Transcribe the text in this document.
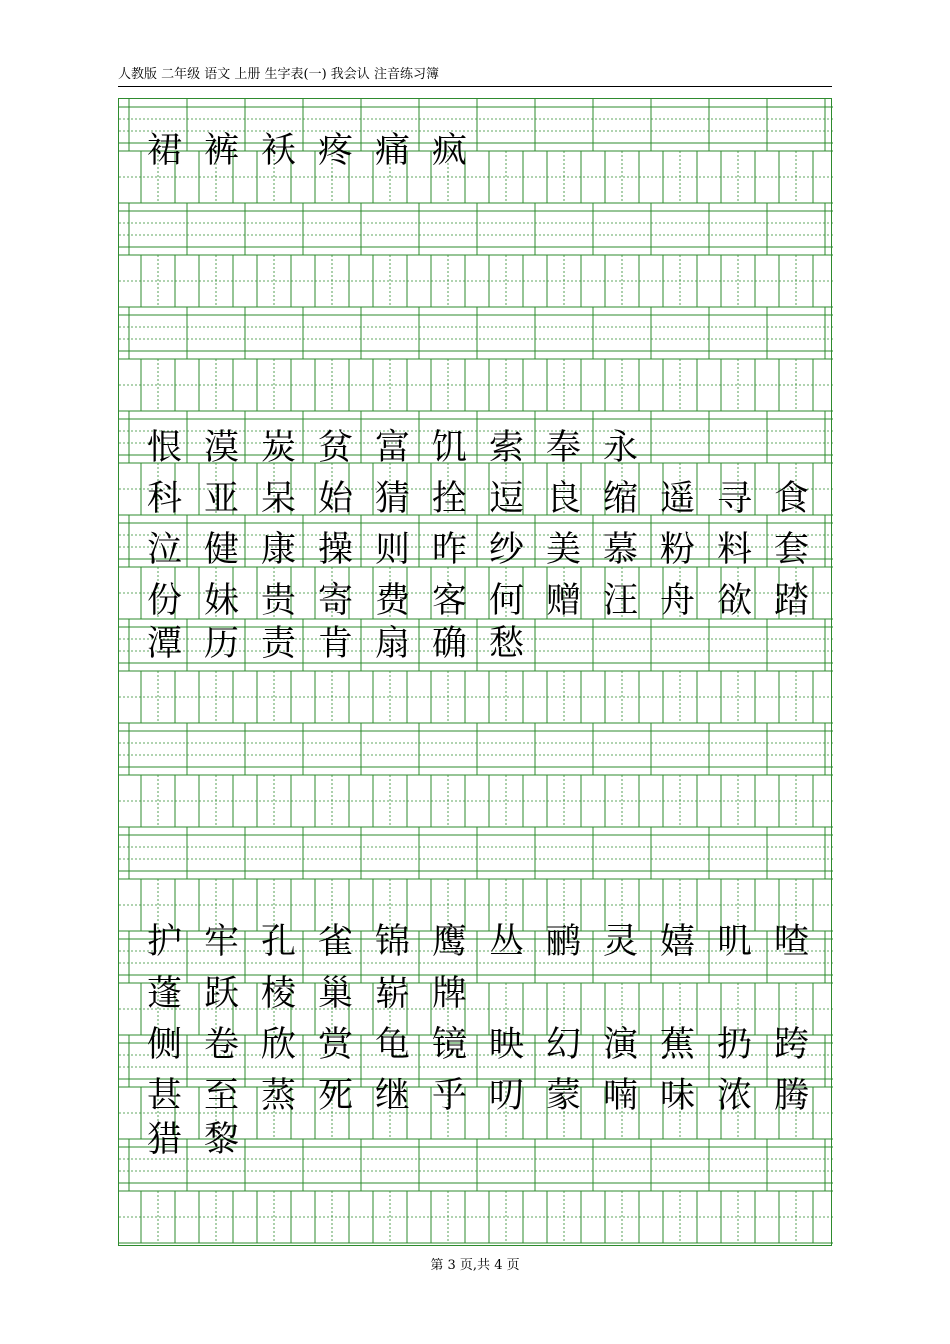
人教版 二年级 语文 上册 生字表(一) 我会认 注音练习簿
裙裤袄疼痛疯
恨漠炭贫富饥索奉永
科亚呆始猜拴逗良缩遥寻食
泣健康操则昨纱美慕粉料套
份妹贵寄费客何赠汪舟欲踏
潭历责肯扇确愁
护牢孔雀锦鹰丛鹂灵嬉叽喳
蓬跃棱巢崭牌
侧卷欣赏龟镜映幻演蕉扔跨
甚至蒸死继乎叨蒙喃味浓腾
猎黎
第 3 页,共 4 页
